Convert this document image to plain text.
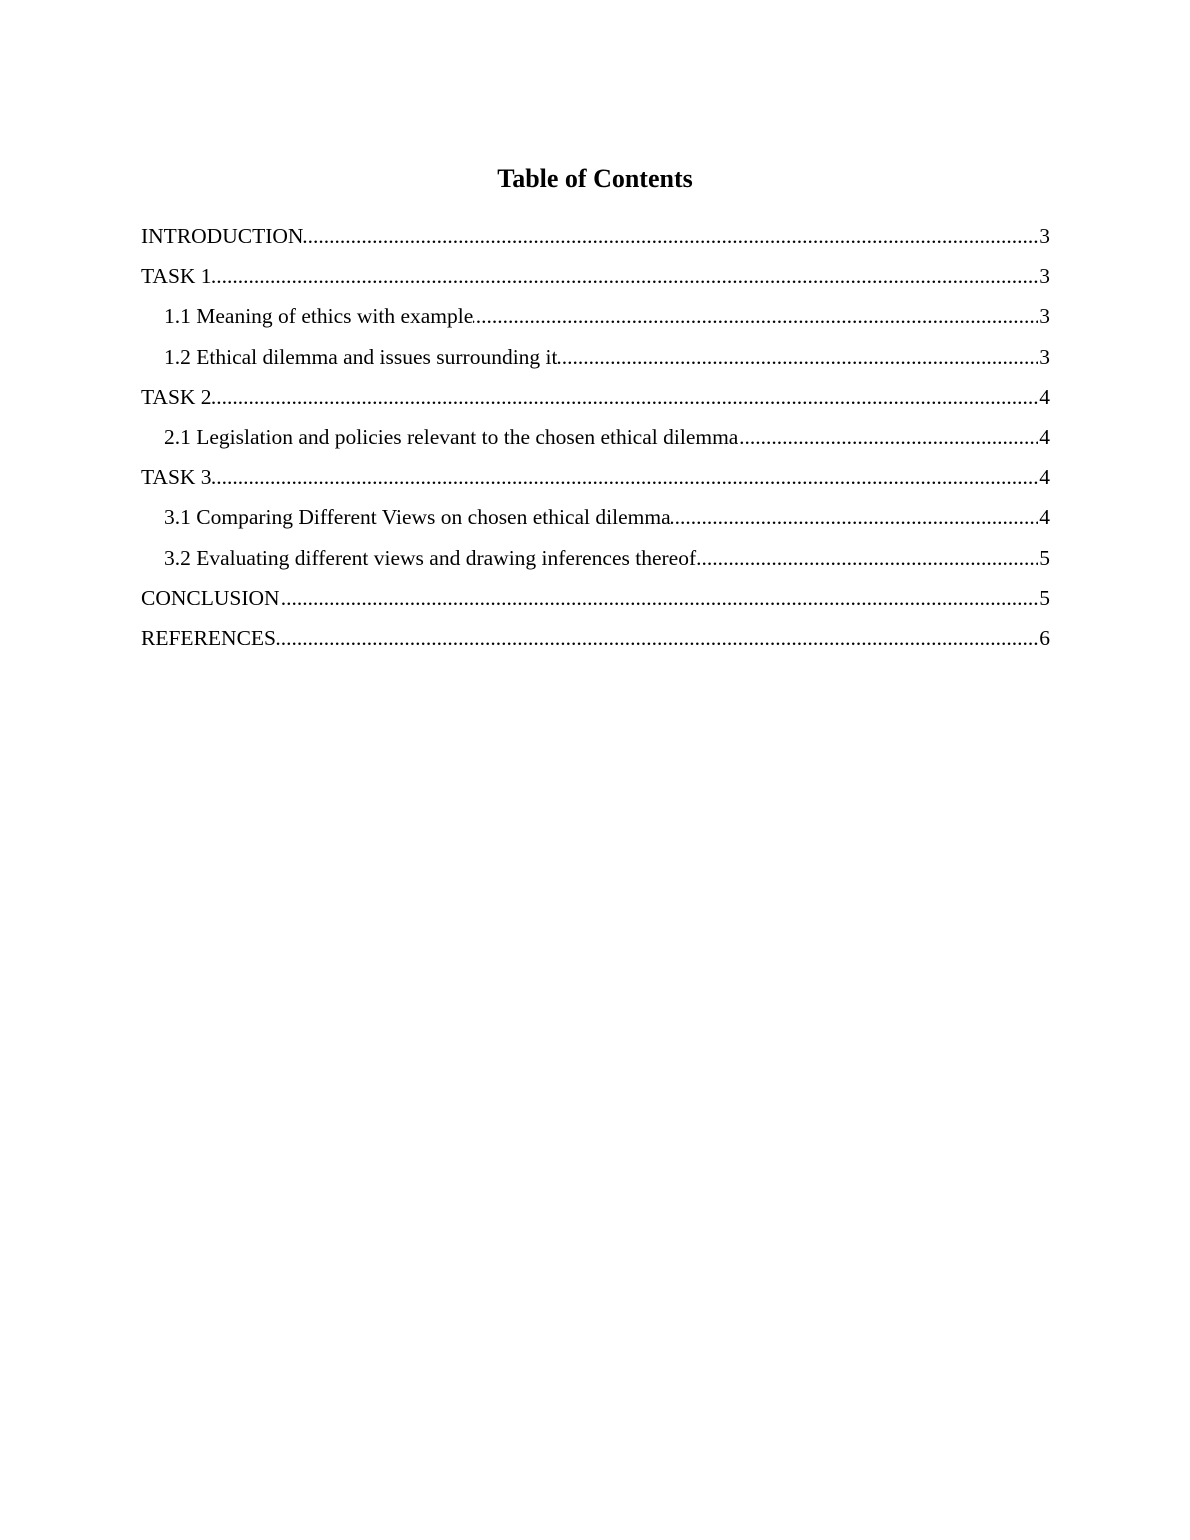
Table of Contents
.....
INTRODUCTION	3
.....
TASK 1	3
.....
1.1 Meaning of ethics with example	3
.....
1.2 Ethical dilemma and issues surrounding it	3
.....
TASK 2	4
.....
2.1 Legislation and policies relevant to the chosen ethical dilemma	4
.....
TASK 3	4
.....
3.1 Comparing Different Views on chosen ethical dilemma	4
.....
3.2 Evaluating different views and drawing inferences thereof	5
.....
CONCLUSION	5
.....
REFERENCES	6
